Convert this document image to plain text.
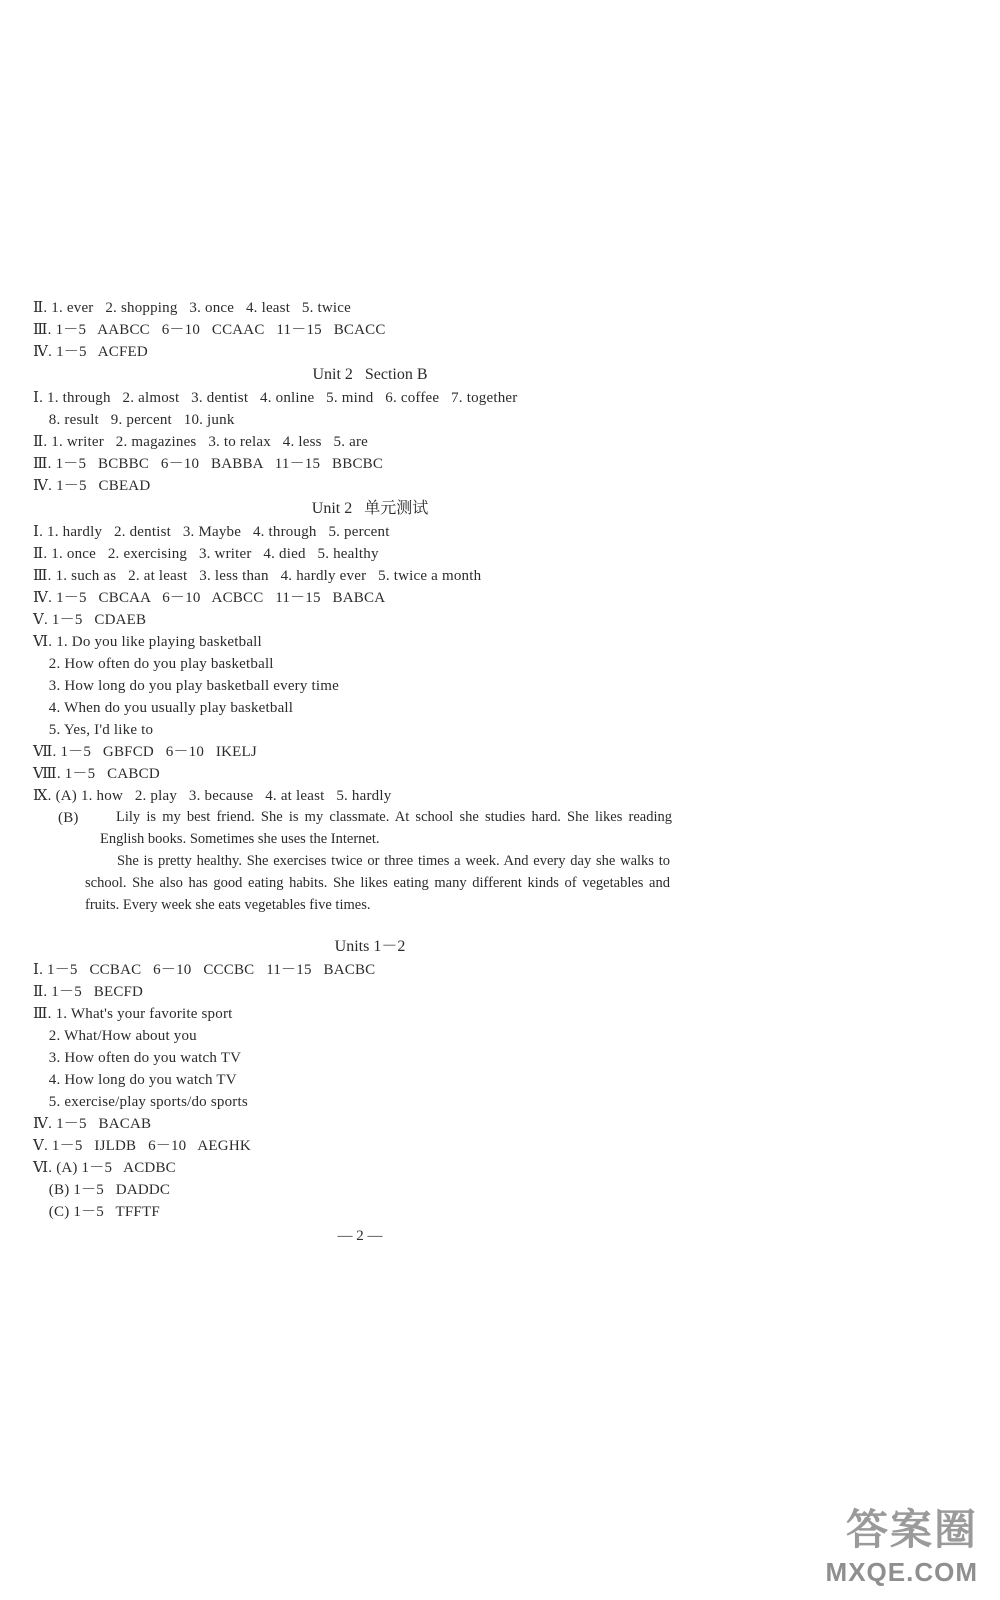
Ⅱ. 1. ever   2. shopping   3. once   4. least   5. twice
Ⅲ. 1－5   AABCC   6－10   CCAAC   11－15   BCACC
Ⅳ. 1－5   ACFED
Unit 2   Section B
Ⅰ. 1. through   2. almost   3. dentist   4. online   5. mind   6. coffee   7. together
8. result   9. percent   10. junk
Ⅱ. 1. writer   2. magazines   3. to relax   4. less   5. are
Ⅲ. 1－5   BCBBC   6－10   BABBA   11－15   BBCBC
Ⅳ. 1－5   CBEAD
Unit 2   单元测试
Ⅰ. 1. hardly   2. dentist   3. Maybe   4. through   5. percent
Ⅱ. 1. once   2. exercising   3. writer   4. died   5. healthy
Ⅲ. 1. such as   2. at least   3. less than   4. hardly ever   5. twice a month
Ⅳ. 1－5   CBCAA   6－10   ACBCC   11－15   BABCA
Ⅴ. 1－5   CDAEB
Ⅵ. 1. Do you like playing basketball
2. How often do you play basketball
3. How long do you play basketball every time
4. When do you usually play basketball
5. Yes, I'd like to
Ⅶ. 1－5   GBFCD   6－10   IKELJ
Ⅷ. 1－5   CABCD
Ⅸ. (A) 1. how   2. play   3. because   4. at least   5. hardly
(B)	Lily is my best friend. She is my classmate. At school she studies hard. She likes reading English books. Sometimes she uses the Internet.
She is pretty healthy. She exercises twice or three times a week. And every day she walks to school. She also has good eating habits. She likes eating many different kinds of vegetables and fruits. Every week she eats vegetables five times.
Units 1－2
Ⅰ. 1－5   CCBAC   6－10   CCCBC   11－15   BACBC
Ⅱ. 1－5   BECFD
Ⅲ. 1. What's your favorite sport
2. What/How about you
3. How often do you watch TV
4. How long do you watch TV
5. exercise/play sports/do sports
Ⅳ. 1－5   BACAB
Ⅴ. 1－5   IJLDB   6－10   AEGHK
Ⅵ. (A) 1－5   ACDBC
(B) 1－5   DADDC
(C) 1－5   TFFTF
— 2 —
答案圈
MXQE.COM
